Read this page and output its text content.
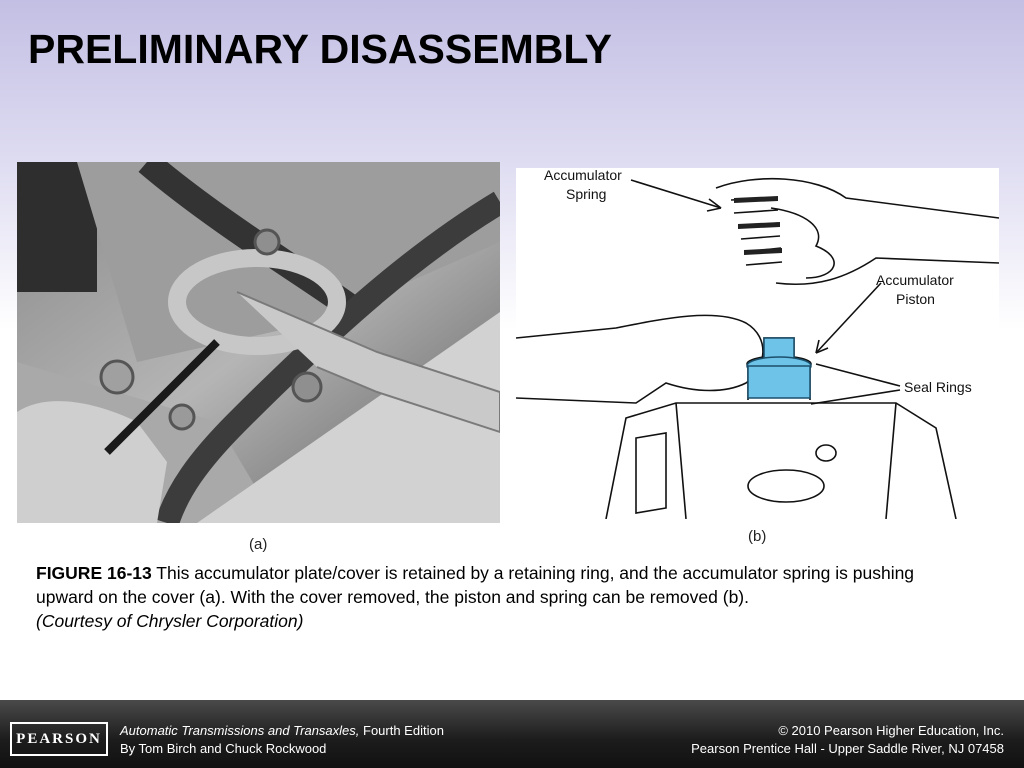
PRELIMINARY DISASSEMBLY
(a)
Accumulator
Spring
Accumulator
Piston
Seal Rings
(b)
FIGURE 16-13 This accumulator plate/cover is retained by a retaining ring, and the accumulator spring is pushing upward on the cover (a). With the cover removed, the piston and spring can be removed (b).
(Courtesy of Chrysler Corporation)
PEARSON
Automatic Transmissions and Transaxles, Fourth Edition
By Tom Birch and Chuck Rockwood
© 2010 Pearson Higher Education, Inc.
Pearson Prentice Hall - Upper Saddle River, NJ 07458
